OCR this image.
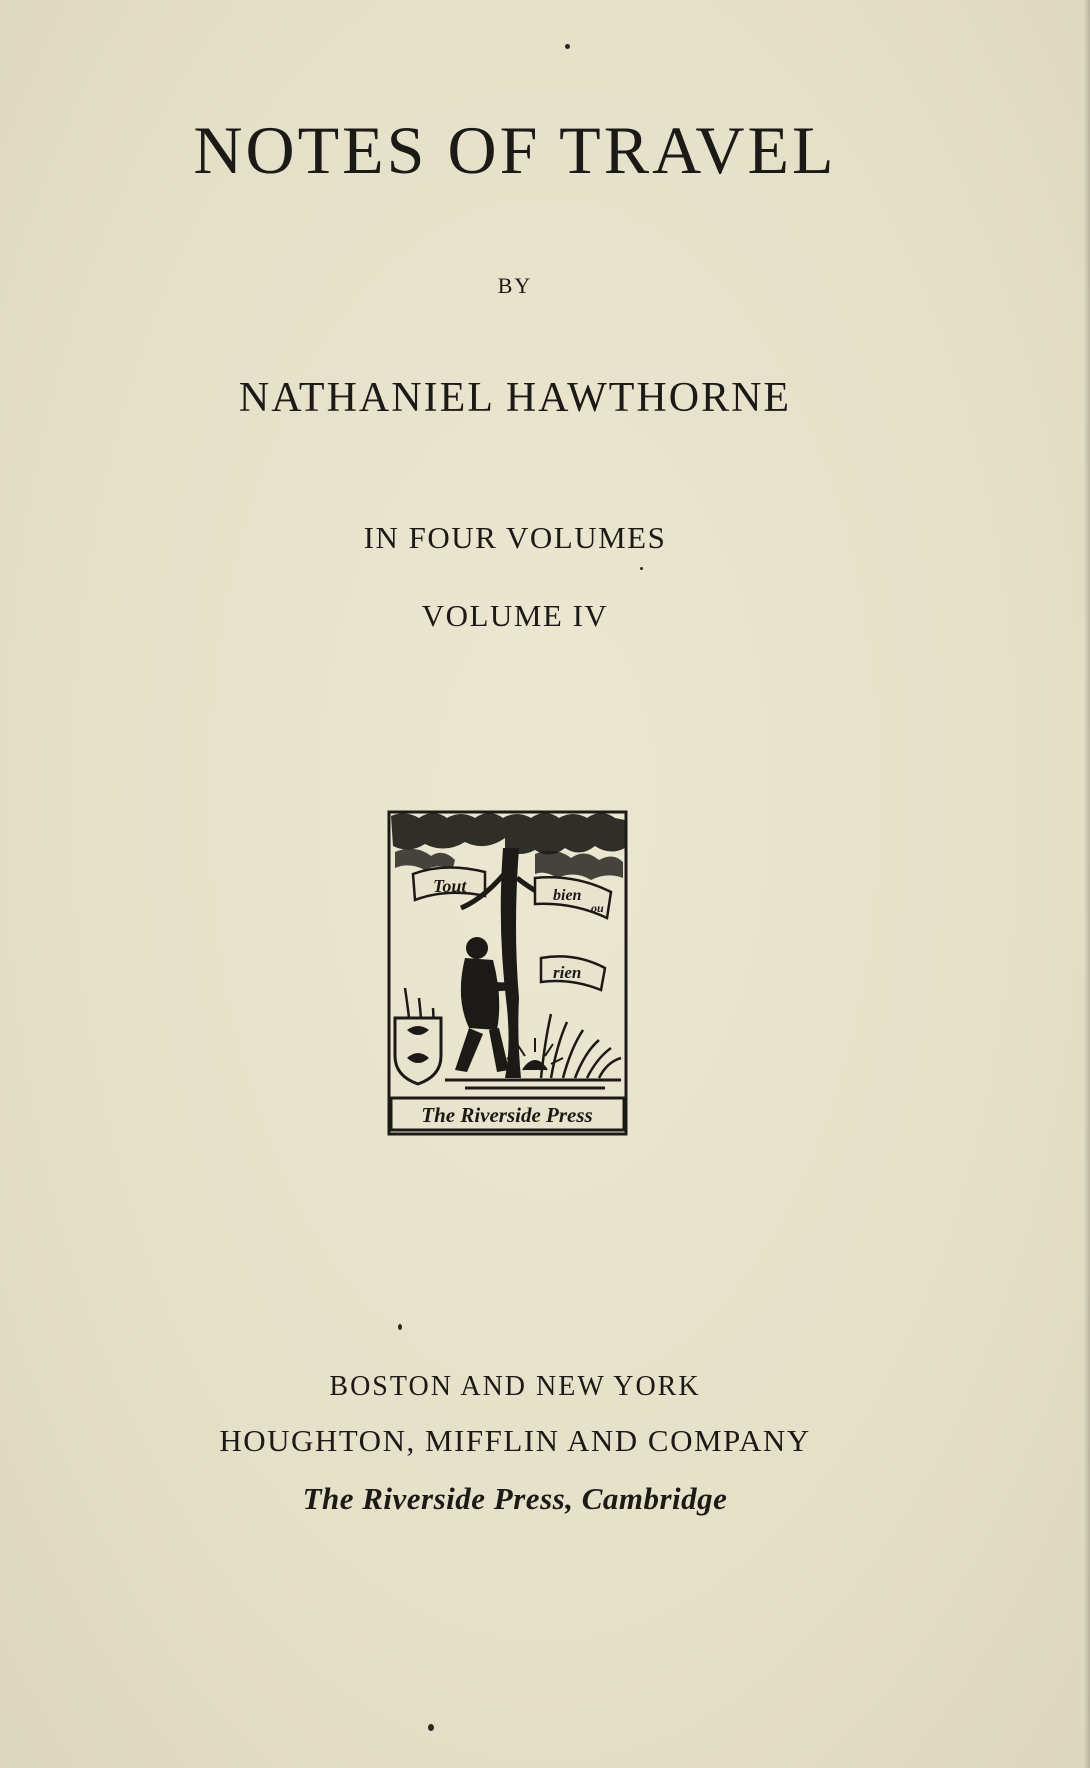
NOTES OF TRAVEL
BY
NATHANIEL HAWTHORNE
IN FOUR VOLUMES
VOLUME IV
Tout	bien
ou
rien
The Riverside Press
BOSTON AND NEW YORK
HOUGHTON, MIFFLIN AND COMPANY
The Riverside Press, Cambridge
